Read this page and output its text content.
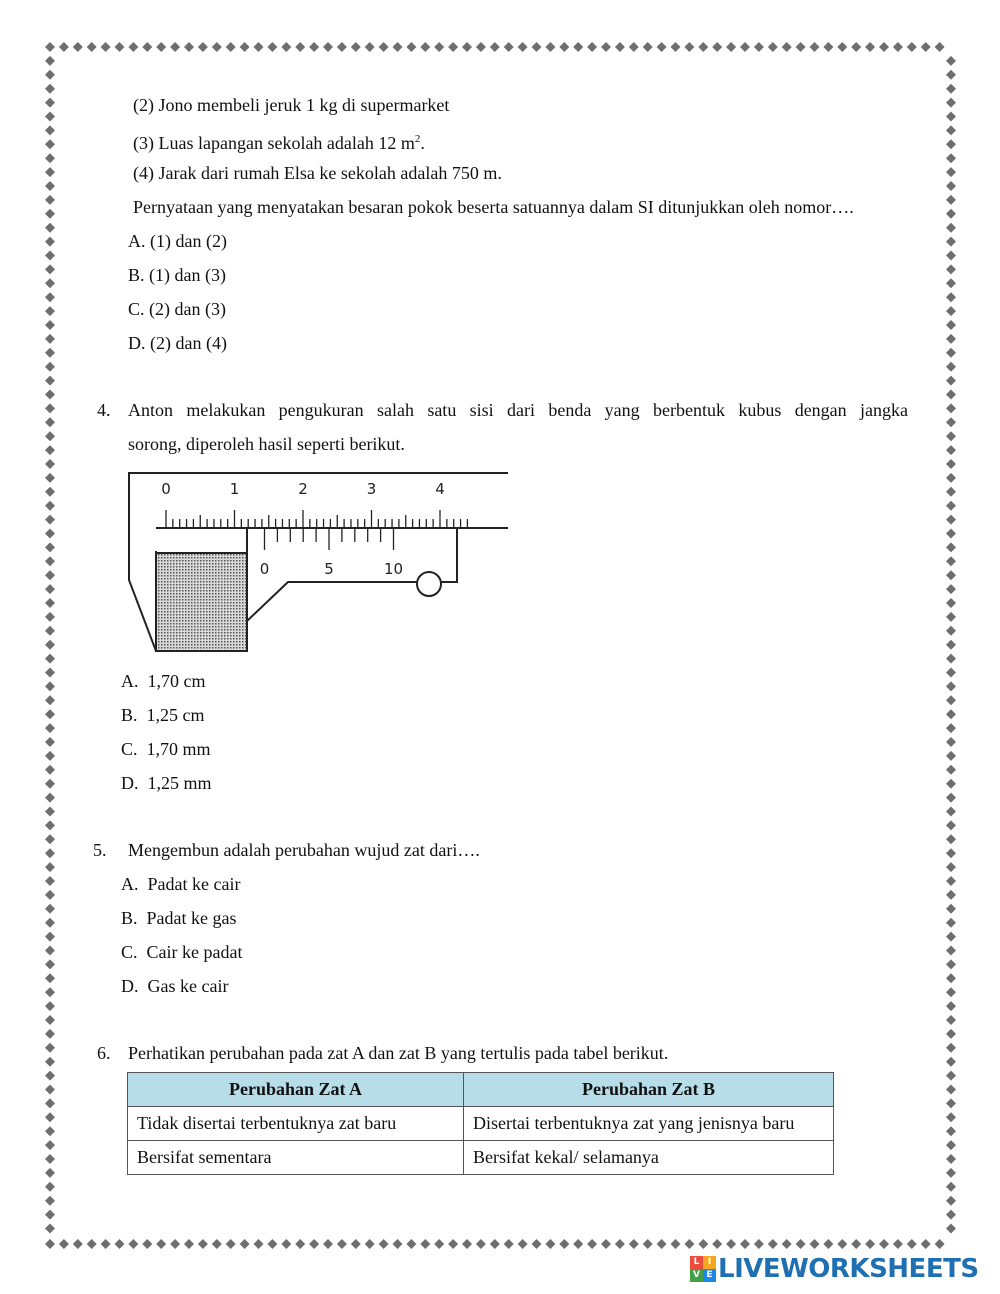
(2) Jono membeli jeruk 1 kg di supermarket
(3) Luas lapangan sekolah adalah 12 $m^2$.
(4) Jarak dari rumah Elsa ke sekolah adalah 750 m.
Pernyataan yang menyatakan besaran pokok beserta satuannya dalam SI ditunjukkan oleh nomor….
A. (1) dan (2)
B. (1) dan (3)
C. (2) dan (3)
D. (2) dan (4)
4. Anton melakukan pengukuran salah satu sisi dari benda yang berbentuk kubus dengan jangka
sorong, diperoleh hasil seperti berikut.
0	1	2	3	4
0	5	10
A. 1,70 cm
B. 1,25 cm
C. 1,70 mm
D. 1,25 mm
5. Mengembun adalah perubahan wujud zat dari….
A. Padat ke cair
B. Padat ke gas
C. Cair ke padat
D. Gas ke cair
6. Perhatikan perubahan pada zat A dan zat B yang tertulis pada tabel berikut.
Perubahan Zat A	Perubahan Zat B
Tidak disertai terbentuknya zat baru	Disertai terbentuknya zat yang jenisnya baru
Bersifat sementara	Bersifat kekal/ selamanya
L I
V E LIVEWORKSHEETS
